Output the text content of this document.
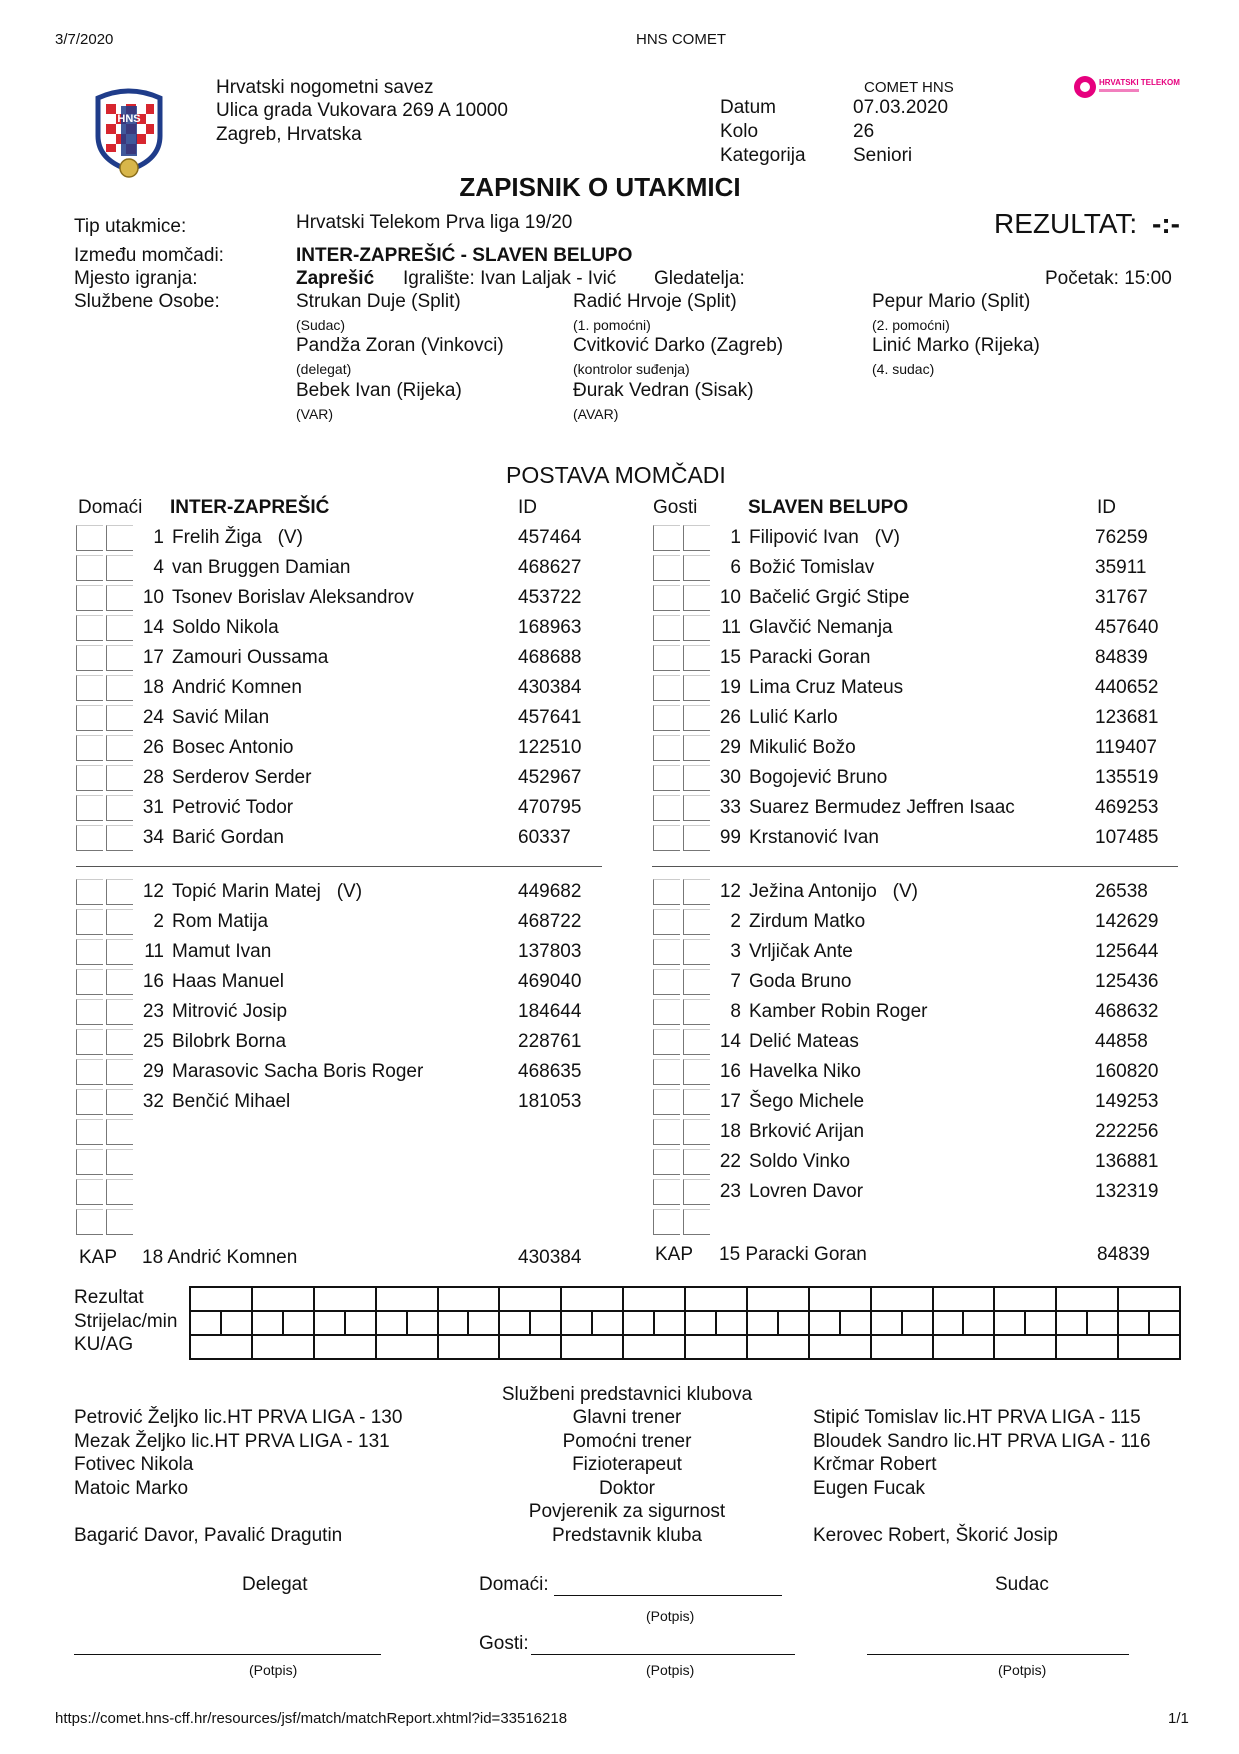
3/7/2020	HNS COMET
HNS
Hrvatski nogometni savez
Ulica grada Vukovara 269 A 10000
Zagreb, Hrvatska
COMET HNS
Datum	07.03.2020
Kolo	26
Kategorija Seniori
HRVATSKI TELEKOM
ZAPISNIK O UTAKMICI
Tip utakmice:	Hrvatski Telekom Prva liga 19/20	REZULTAT: -:-
Između momčadi:	INTER-ZAPREŠIĆ - SLAVEN BELUPO
Mjesto igranja:	Zaprešić Igralište: Ivan Laljak - Ivić Gledatelja:	Početak: 15:00
Službene Osobe:	Strukan Duje (Split)
(Sudac)
Radić Hrvoje (Split)
(1. pomoćni)
Pepur Mario (Split)
(2. pomoćni)
Pandža Zoran (Vinkovci)
(delegat)
Cvitković Darko (Zagreb)
(kontrolor suđenja)
Linić Marko (Rijeka)
(4. sudac)
Bebek Ivan (Rijeka)
(VAR)
Đurak Vedran (Sisak)
(AVAR)
POSTAVA MOMČADI
Domaći INTER-ZAPREŠIĆ	ID	Gosti	SLAVEN BELUPO	ID
1 Frelih Žiga   (V)	457464
4 van Bruggen Damian	468627
10 Tsonev Borislav Aleksandrov	453722
14 Soldo Nikola	168963
17 Zamouri Oussama	468688
18 Andrić Komnen	430384
24 Savić Milan	457641
26 Bosec Antonio	122510
28 Serderov Serder	452967
31 Petrović Todor	470795
34 Barić Gordan	60337
1 Filipović Ivan   (V)	76259
6 Božić Tomislav	35911
10 Bačelić Grgić Stipe	31767
11 Glavčić Nemanja	457640
15 Paracki Goran	84839
19 Lima Cruz Mateus	440652
26 Lulić Karlo	123681
29 Mikulić Božo	119407
30 Bogojević Bruno	135519
33 Suarez Bermudez Jeffren Isaac	469253
99 Krstanović Ivan	107485
12 Topić Marin Matej   (V)	449682
2 Rom Matija	468722
11 Mamut Ivan	137803
16 Haas Manuel	469040
23 Mitrović Josip	184644
25 Bilobrk Borna	228761
29 Marasovic Sacha Boris Roger	468635
32 Benčić Mihael	181053
12 Ježina Antonijo   (V)	26538
2 Zirdum Matko	142629
3 Vrljičak Ante	125644
7 Goda Bruno	125436
8 Kamber Robin Roger	468632
14 Delić Mateas	44858
16 Havelka Niko	160820
17 Šego Michele	149253
18 Brković Arijan	222256
22 Soldo Vinko	136881
23 Lovren Davor	132319
KAP 18 Andrić Komnen	430384	KAP 15 Paracki Goran	84839
Rezultat
Strijelac/min
KU/AG

Službeni predstavnici klubova
Petrović Željko lic.HT PRVA LIGA - 130	Glavni trener	Stipić Tomislav lic.HT PRVA LIGA - 115
Mezak Željko lic.HT PRVA LIGA - 131	Pomoćni trener	Bloudek Sandro lic.HT PRVA LIGA - 116
Fotivec Nikola	Fizioterapeut	Krčmar Robert
Matoic Marko	Doktor	Eugen Fucak
Povjerenik za sigurnost
Bagarić Davor, Pavalić Dragutin	Predstavnik kluba	Kerovec Robert, Škorić Josip
Delegat	Domaći:	Sudac
(Potpis)
Gosti:
(Potpis)	(Potpis)	(Potpis)
https://comet.hns-cff.hr/resources/jsf/match/matchReport.xhtml?id=33516218	1/1
